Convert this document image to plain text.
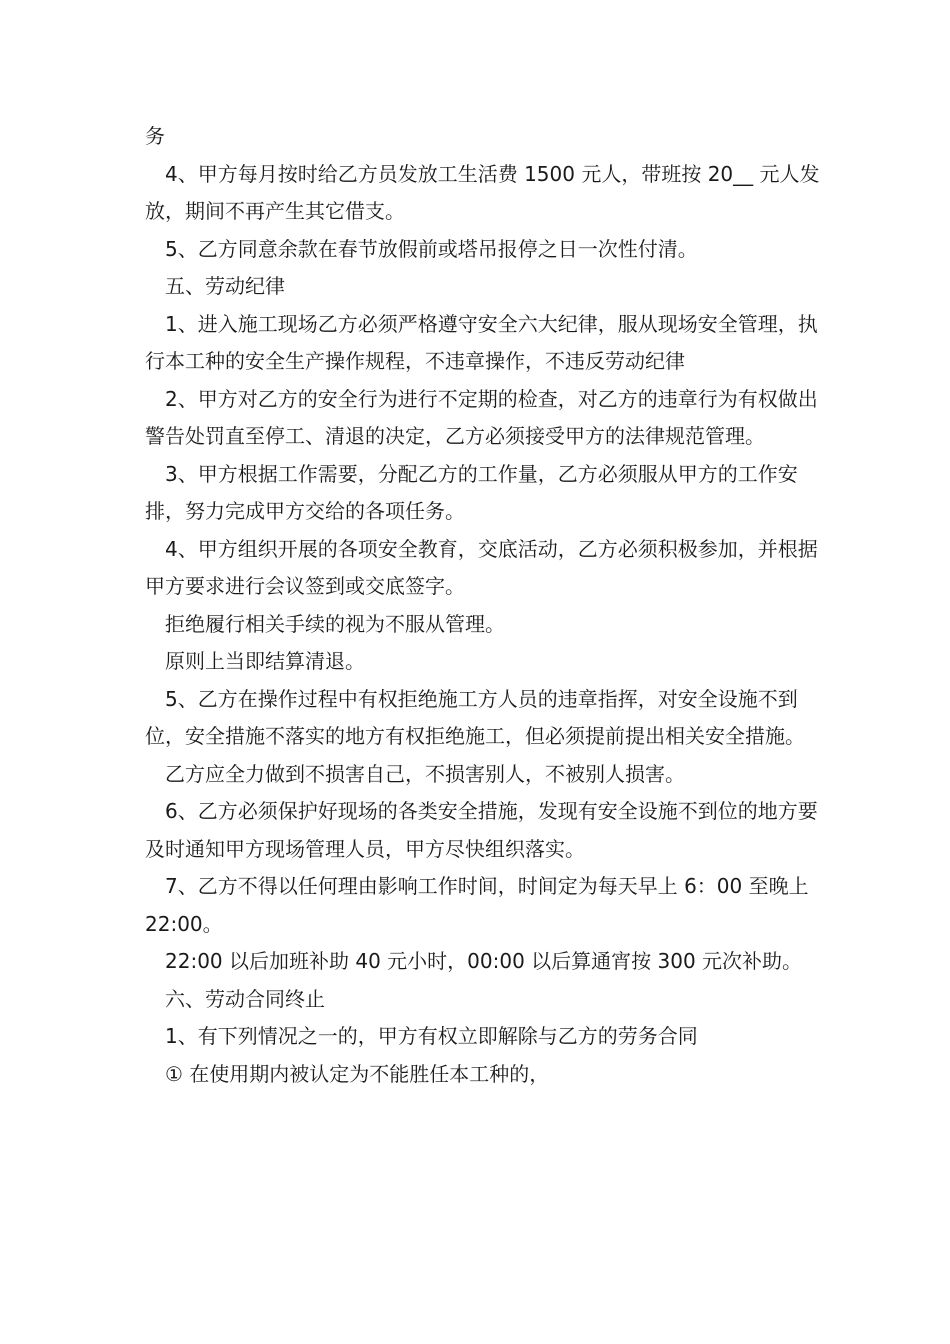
务

4、甲方每月按时给乙方员发放工生活费 1500 元人，带班按 20__ 元人发放，期间不再产生其它借支。

5、乙方同意余款在春节放假前或塔吊报停之日一次性付清。

五、劳动纪律

1、进入施工现场乙方必须严格遵守安全六大纪律，服从现场安全管理，执行本工种的安全生产操作规程，不违章操作，不违反劳动纪律

2、甲方对乙方的安全行为进行不定期的检查，对乙方的违章行为有权做出警告处罚直至停工、清退的决定，乙方必须接受甲方的法律规范管理。

3、甲方根据工作需要，分配乙方的工作量，乙方必须服从甲方的工作安排，努力完成甲方交给的各项任务。

4、甲方组织开展的各项安全教育，交底活动，乙方必须积极参加，并根据甲方要求进行会议签到或交底签字。

拒绝履行相关手续的视为不服从管理。

原则上当即结算清退。

5、乙方在操作过程中有权拒绝施工方人员的违章指挥，对安全设施不到位，安全措施不落实的地方有权拒绝施工，但必须提前提出相关安全措施。

乙方应全力做到不损害自己，不损害别人，不被别人损害。

6、乙方必须保护好现场的各类安全措施，发现有安全设施不到位的地方要及时通知甲方现场管理人员，甲方尽快组织落实。

7、乙方不得以任何理由影响工作时间，时间定为每天早上 6：00 至晚上 22:00。

22:00 以后加班补助 40 元小时，00:00 以后算通宵按 300 元次补助。

六、劳动合同终止

1、有下列情况之一的，甲方有权立即解除与乙方的劳务合同

① 在使用期内被认定为不能胜任本工种的，
